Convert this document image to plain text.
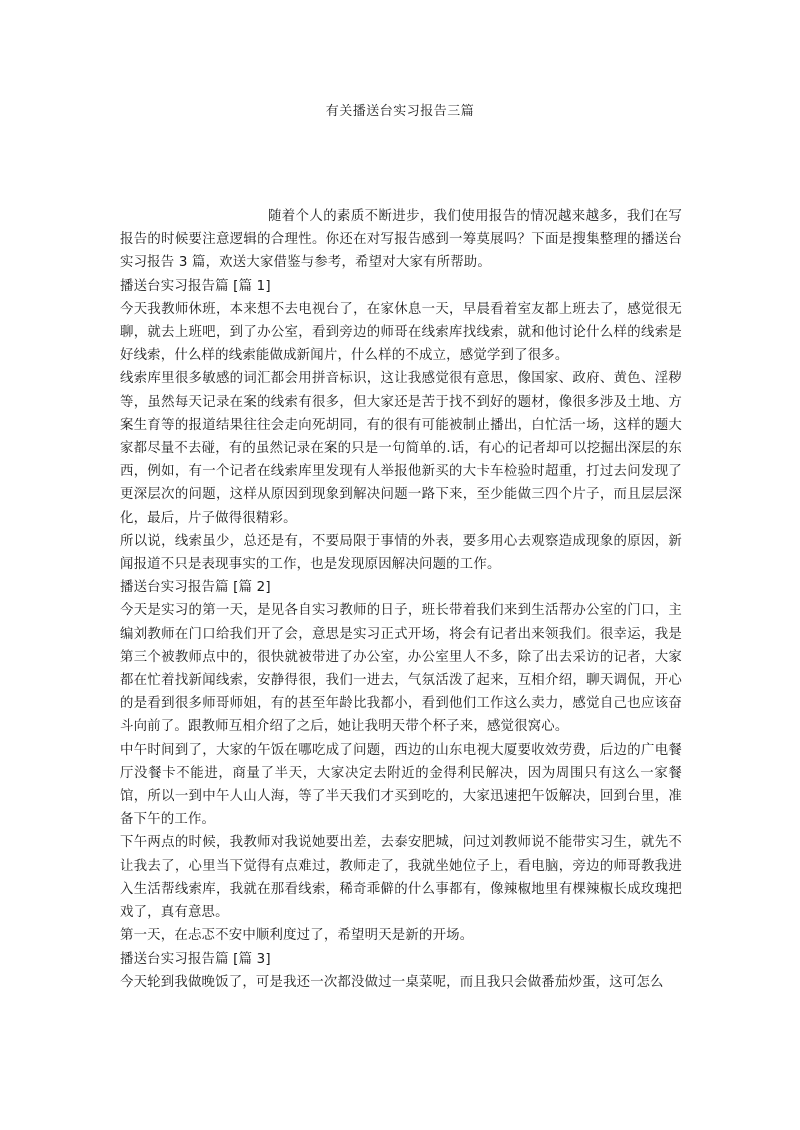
有关播送台实习报告三篇

随着个人的素质不断进步，我们使用报告的情况越来越多，我们在写报告的时候要注意逻辑的合理性。你还在对写报告感到一筹莫展吗？下面是搜集整理的播送台实习报告 3 篇，欢送大家借鉴与参考，希望对大家有所帮助。

播送台实习报告篇 [篇 1]

今天我教师休班，本来想不去电视台了，在家休息一天，早晨看着室友都上班去了，感觉很无聊，就去上班吧，到了办公室，看到旁边的师哥在线索库找线索，就和他讨论什么样的线索是好线索，什么样的线索能做成新闻片，什么样的不成立，感觉学到了很多。

线索库里很多敏感的词汇都会用拼音标识，这让我感觉很有意思，像国家、政府、黄色、淫秽等，虽然每天记录在案的线索有很多，但大家还是苦于找不到好的题材，像很多涉及土地、方案生育等的报道结果往往会走向死胡同，有的很有可能被制止播出，白忙活一场，这样的题大家都尽量不去碰，有的虽然记录在案的只是一句简单的.话，有心的记者却可以挖掘出深层的东西，例如，有一个记者在线索库里发现有人举报他新买的大卡车检验时超重，打过去问发现了更深层次的问题，这样从原因到现象到解决问题一路下来，至少能做三四个片子，而且层层深化，最后，片子做得很精彩。

所以说，线索虽少，总还是有，不要局限于事情的外表，要多用心去观察造成现象的原因，新闻报道不只是表现事实的工作，也是发现原因解决问题的工作。

播送台实习报告篇 [篇 2]

今天是实习的第一天，是见各自实习教师的日子，班长带着我们来到生活帮办公室的门口，主编刘教师在门口给我们开了会，意思是实习正式开场，将会有记者出来领我们。很幸运，我是第三个被教师点中的，很快就被带进了办公室，办公室里人不多，除了出去采访的记者，大家都在忙着找新闻线索，安静得很，我们一进去，气氛活泼了起来，互相介绍，聊天调侃，开心的是看到很多师哥师姐，有的甚至年龄比我都小，看到他们工作这么卖力，感觉自己也应该奋斗向前了。跟教师互相介绍了之后，她让我明天带个杯子来，感觉很窝心。

中午时间到了，大家的午饭在哪吃成了问题，西边的山东电视大厦要收效劳费，后边的广电餐厅没餐卡不能进，商量了半天，大家决定去附近的金得利民解决，因为周围只有这么一家餐馆，所以一到中午人山人海，等了半天我们才买到吃的，大家迅速把午饭解决，回到台里，准备下午的工作。

下午两点的时候，我教师对我说她要出差，去泰安肥城，问过刘教师说不能带实习生，就先不让我去了，心里当下觉得有点难过，教师走了，我就坐她位子上，看电脑，旁边的师哥教我进入生活帮线索库，我就在那看线索，稀奇乖僻的什么事都有，像辣椒地里有棵辣椒长成玫瑰把戏了，真有意思。

第一天，在忐忑不安中顺利度过了，希望明天是新的开场。

播送台实习报告篇 [篇 3]

今天轮到我做晚饭了，可是我还一次都没做过一桌菜呢，而且我只会做番茄炒蛋，这可怎么
